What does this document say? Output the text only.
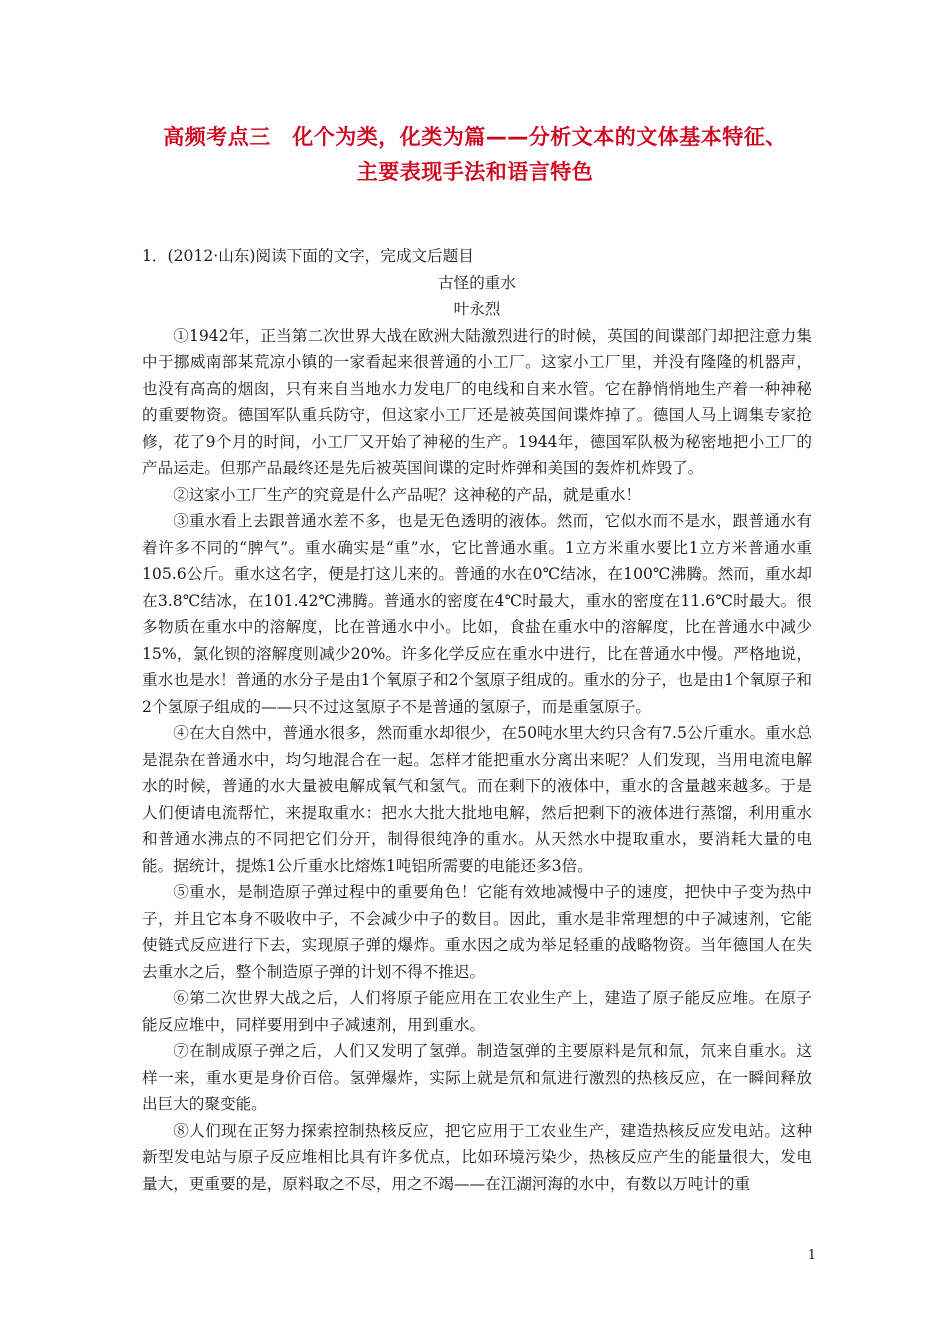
高频考点三　化个为类，化类为篇——分析文本的文体基本特征、
主要表现手法和语言特色
1．(2012·山东)阅读下面的文字，完成文后题目
古怪的重水
叶永烈

①1942年，正当第二次世界大战在欧洲大陆激烈进行的时候，英国的间谍部门却把注意力集中于挪威南部某荒凉小镇的一家看起来很普通的小工厂。这家小工厂里，并没有隆隆的机器声，也没有高高的烟囱，只有来自当地水力发电厂的电线和自来水管。它在静悄悄地生产着一种神秘的重要物资。德国军队重兵防守，但这家小工厂还是被英国间谍炸掉了。德国人马上调集专家抢修，花了9个月的时间，小工厂又开始了神秘的生产。1944年，德国军队极为秘密地把小工厂的产品运走。但那产品最终还是先后被英国间谍的定时炸弹和美国的轰炸机炸毁了。

②这家小工厂生产的究竟是什么产品呢？这神秘的产品，就是重水！

③重水看上去跟普通水差不多，也是无色透明的液体。然而，它似水而不是水，跟普通水有着许多不同的“脾气”。重水确实是“重”水，它比普通水重。1立方米重水要比1立方米普通水重105.6公斤。重水这名字，便是打这儿来的。普通的水在0℃结冰，在100℃沸腾。然而，重水却在3.8℃结冰，在101.42℃沸腾。普通水的密度在4℃时最大，重水的密度在11.6℃时最大。很多物质在重水中的溶解度，比在普通水中小。比如，食盐在重水中的溶解度，比在普通水中减少15%，氯化钡的溶解度则减少20%。许多化学反应在重水中进行，比在普通水中慢。严格地说，重水也是水！普通的水分子是由1个氧原子和2个氢原子组成的。重水的分子，也是由1个氧原子和2个氢原子组成的——只不过这氢原子不是普通的氢原子，而是重氢原子。

④在大自然中，普通水很多，然而重水却很少，在50吨水里大约只含有7.5公斤重水。重水总是混杂在普通水中，均匀地混合在一起。怎样才能把重水分离出来呢？人们发现，当用电流电解水的时候，普通的水大量被电解成氧气和氢气。而在剩下的液体中，重水的含量越来越多。于是人们便请电流帮忙，来提取重水：把水大批大批地电解，然后把剩下的液体进行蒸馏，利用重水和普通水沸点的不同把它们分开，制得很纯净的重水。从天然水中提取重水，要消耗大量的电能。据统计，提炼1公斤重水比熔炼1吨铝所需要的电能还多3倍。

⑤重水，是制造原子弹过程中的重要角色！它能有效地减慢中子的速度，把快中子变为热中子，并且它本身不吸收中子，不会减少中子的数目。因此，重水是非常理想的中子减速剂，它能使链式反应进行下去，实现原子弹的爆炸。重水因之成为举足轻重的战略物资。当年德国人在失去重水之后，整个制造原子弹的计划不得不推迟。

⑥第二次世界大战之后，人们将原子能应用在工农业生产上，建造了原子能反应堆。在原子能反应堆中，同样要用到中子减速剂，用到重水。

⑦在制成原子弹之后，人们又发明了氢弹。制造氢弹的主要原料是氘和氚，氘来自重水。这样一来，重水更是身价百倍。氢弹爆炸，实际上就是氘和氚进行激烈的热核反应，在一瞬间释放出巨大的聚变能。

⑧人们现在正努力探索控制热核反应，把它应用于工农业生产，建造热核反应发电站。这种新型发电站与原子反应堆相比具有许多优点，比如环境污染少，热核反应产生的能量很大，发电量大，更重要的是，原料取之不尽，用之不竭——在江湖河海的水中，有数以万吨计的重

1
